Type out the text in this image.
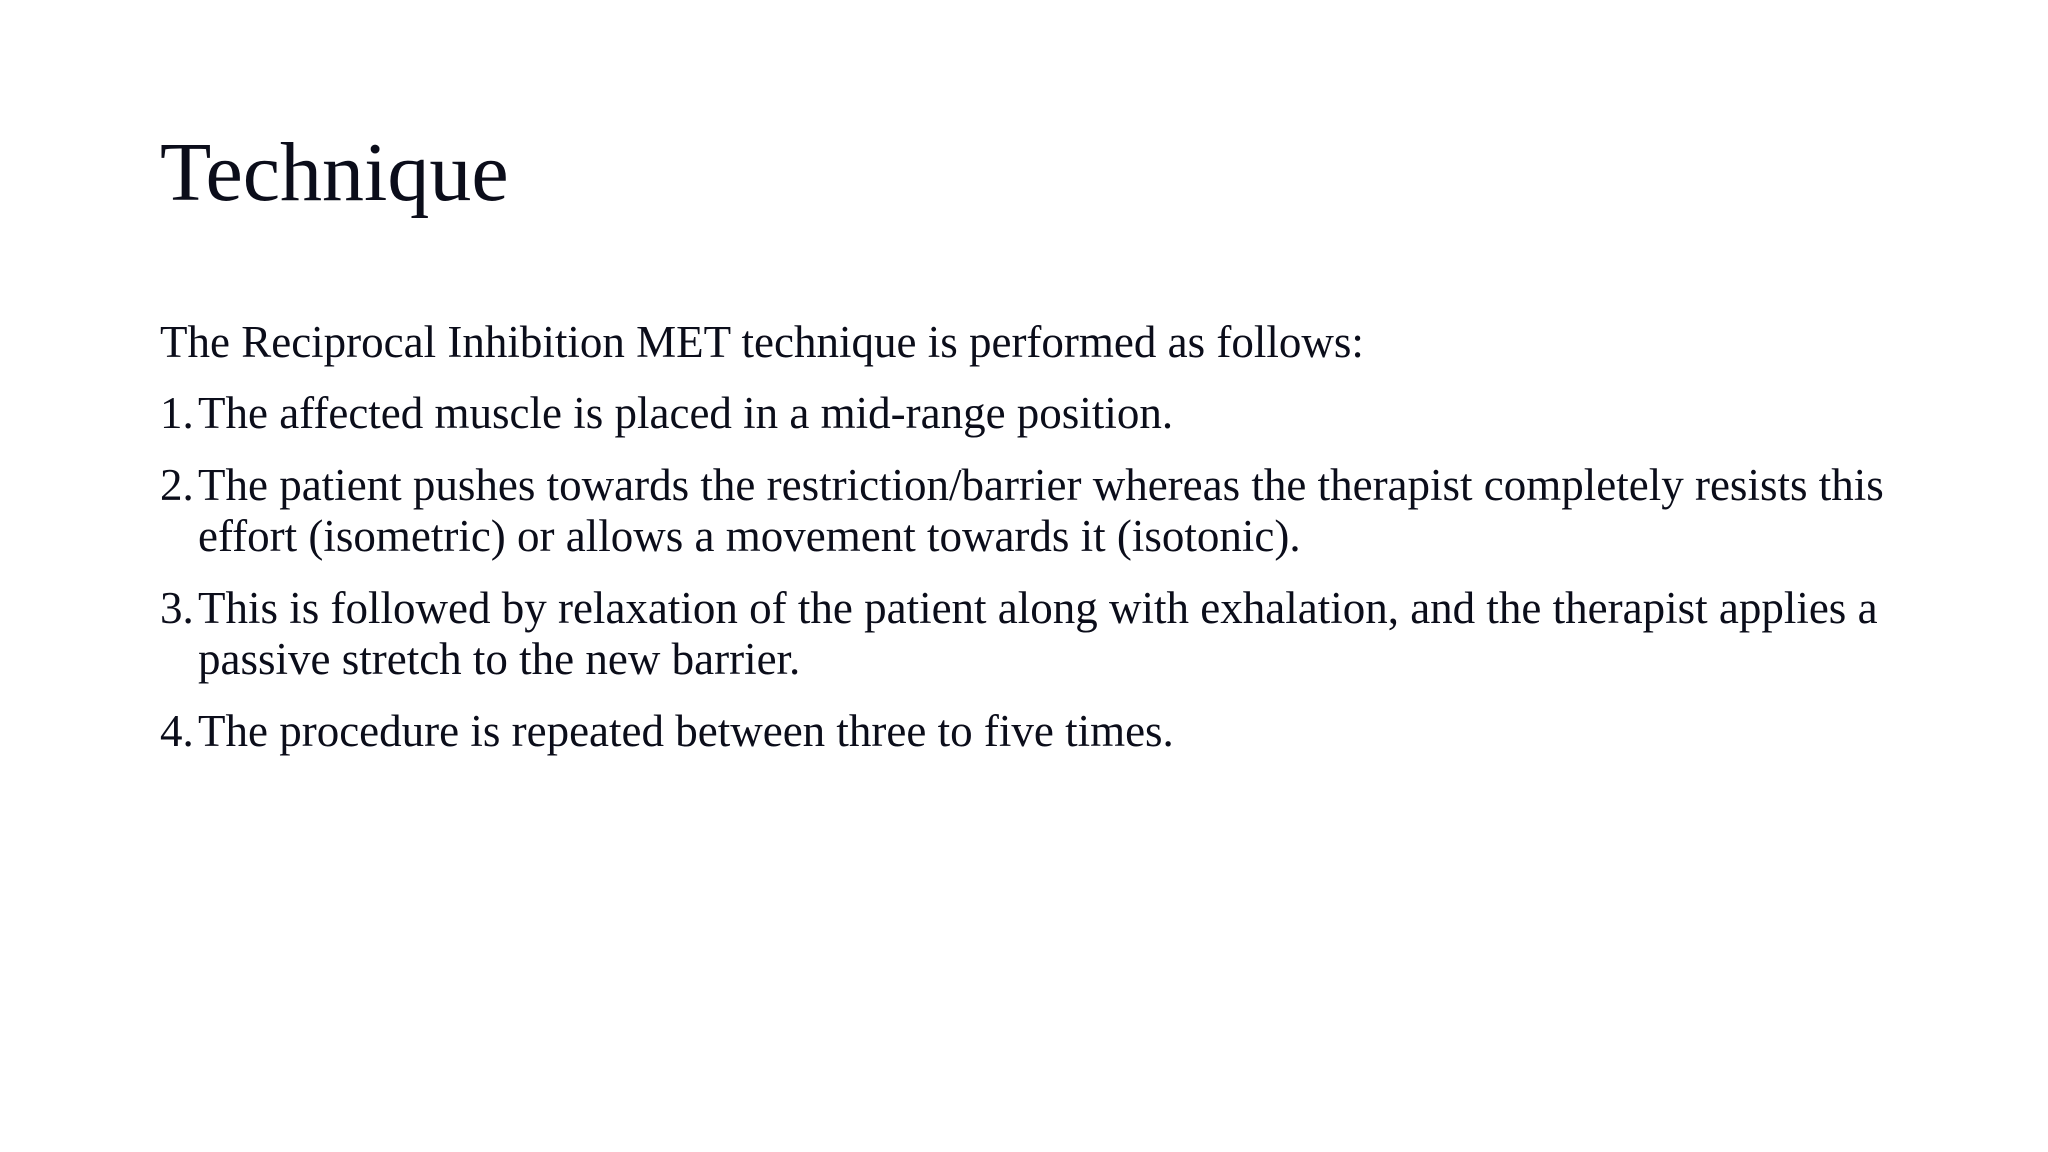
Technique

The Reciprocal Inhibition MET technique is performed as follows:

1. The affected muscle is placed in a mid-range position.
2. The patient pushes towards the restriction/barrier whereas the therapist completely resists this effort (isometric) or allows a movement towards it (isotonic).
3. This is followed by relaxation of the patient along with exhalation, and the therapist applies a passive stretch to the new barrier.
4. The procedure is repeated between three to five times.
